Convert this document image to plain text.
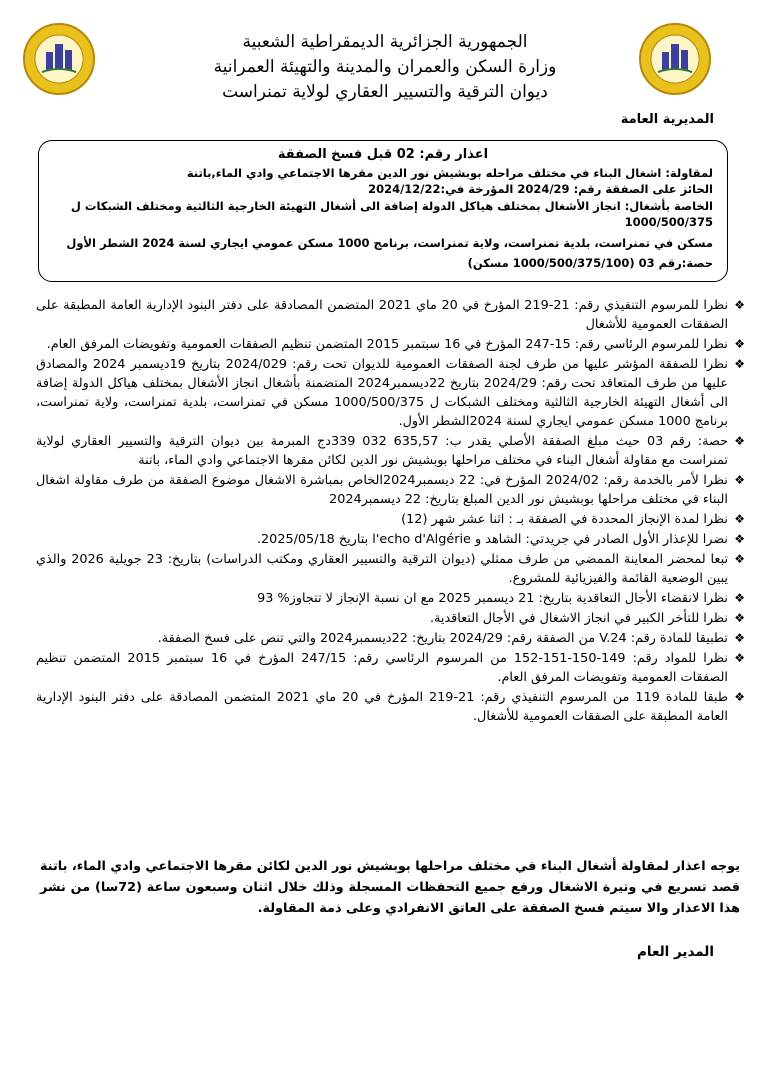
الجمهورية الجزائرية الديمقراطية الشعبية
وزارة السكن والعمران والمدينة والتهيئة العمرانية
ديوان الترقية والتسيير العقاري لولاية تمنراست
المديرية العامة
اعذار رقم: 02 قبل فسخ الصفقة
لمقاولة: اشغال البناء في مختلف مراحله بوبشيش نور الدين مقرها الاجتماعي وادي الماء,باتنة
الحائز على الصفقة رقم: 2024/29 المؤرخة في:2024/12/22
الخاصة بأشغال: انجاز الأشغال بمختلف هياكل الدولة إضافة الى أشغال التهيئة الخارجية الثالثية ومختلف الشبكات ل 1000/500/375
مسكن في تمنراست، بلدية تمنراست، ولاية تمنراست، برنامج 1000 مسكن عمومي ايجاري لسنة 2024 الشطر الأول
حصة:رقم 03 (1000/500/375/100 مسكن)
❖
نظرا للمرسوم التنفيذي رقم: 21-219 المؤرخ في 20 ماي 2021 المتضمن المصادقة على دفتر البنود الإدارية العامة المطبقة على الصفقات العمومية للأشغال
❖
نظرا للمرسوم الرئاسي رقم: 15-247 المؤرخ في 16 سبتمبر 2015 المتضمن تنظيم الصفقات العمومية وتفويضات المرفق العام.
❖
نظرا للصفقة المؤشر عليها من طرف لجنة الصفقات العمومية للديوان تحت رقم: 2024/029 بتاريخ 19ديسمبر 2024 والمصادق عليها من طرف المتعاقد تحت رقم: 2024/29 بتاريخ 22ديسمبر2024 المتضمنة بأشغال انجاز الأشغال بمختلف هياكل الدولة إضافة الى أشغال التهيئة الخارجية الثالثية ومختلف الشبكات ل 1000/500/375 مسكن في تمنراست، بلدية تمنراست، ولاية تمنراست، برنامج 1000 مسكن عمومي ايجاري لسنة 2024الشطر الأول.
❖
حصة: رقم 03 حيث مبلغ الصفقة الأصلي يقدر ب: 635,57 032 339دج المبرمة بين ديوان الترقية والتسيير العقاري لولاية تمنراست مع مقاولة أشغال البناء في مختلف مراحلها بوبشيش نور الدين لكائن مقرها الاجتماعي وادي الماء، باتنة
❖
نظرا لأمر بالخدمة رقم: 2024/02 المؤرخ في: 22 ديسمبر2024الخاص بمباشرة الاشغال موضوع الصفقة من طرف مقاولة اشغال البناء في مختلف مراحلها بوبشيش نور الدين المبلغ بتاريخ: 22 ديسمبر2024
❖
نظرا لمدة الإنجاز المحددة في الصفقة بـ : اثنا عشر شهر (12)
❖
نضرا للإعذار الأول الصادر في جريدتي: الشاهد و l'echo d'Algérie بتاريخ 2025/05/18.
❖
تبعا لمحضر المعاينة الممضي من طرف ممثلي (ديوان الترقية والتسيير العقاري ومكتب الدراسات) بتاريخ: 23 جويلية 2026 والذي يبين الوضعية القائمة والفيزيائية للمشروع.
❖
نظرا لانقضاء الأجال التعاقدية بتاريخ: 21 ديسمبر 2025 مع ان نسبة الإنجاز لا تتجاوز% 93
❖
نظرا للتأخر الكبير في انجاز الاشغال في الأجال التعاقدية.
❖
تطبيقا للمادة رقم: V.24 من الصفقة رقم: 2024/29 بتاريخ: 22ديسمبر2024 والتي تنص على فسخ الصفقة.
❖
نظرا للمواد رقم: 149-150-151-152 من المرسوم الرئاسي رقم: 247/15 المؤرخ في 16 سبتمبر 2015 المتضمن تنظيم الصفقات العمومية وتفويضات المرفق العام.
❖
طبقا للمادة 119 من المرسوم التنفيذي رقم: 21-219 المؤرخ في 20 ماي 2021 المتضمن المصادقة على دفتر البنود الإدارية العامة المطبقة على الصفقات العمومية للأشغال.
يوجه اعذار لمقاولة أشغال البناء في مختلف مراحلها بوبشيش نور الدين لكائن مقرها الاجتماعي وادي الماء، باتنة قصد تسريع في وتيرة الاشغال ورفع جميع التحفظات المسجلة وذلك خلال اثنان وسبعون ساعة (72سا) من نشر هذا الاعذار والا سيتم فسخ الصفقة على العاتق الانفرادي وعلى ذمة المقاولة.
المدير العام
